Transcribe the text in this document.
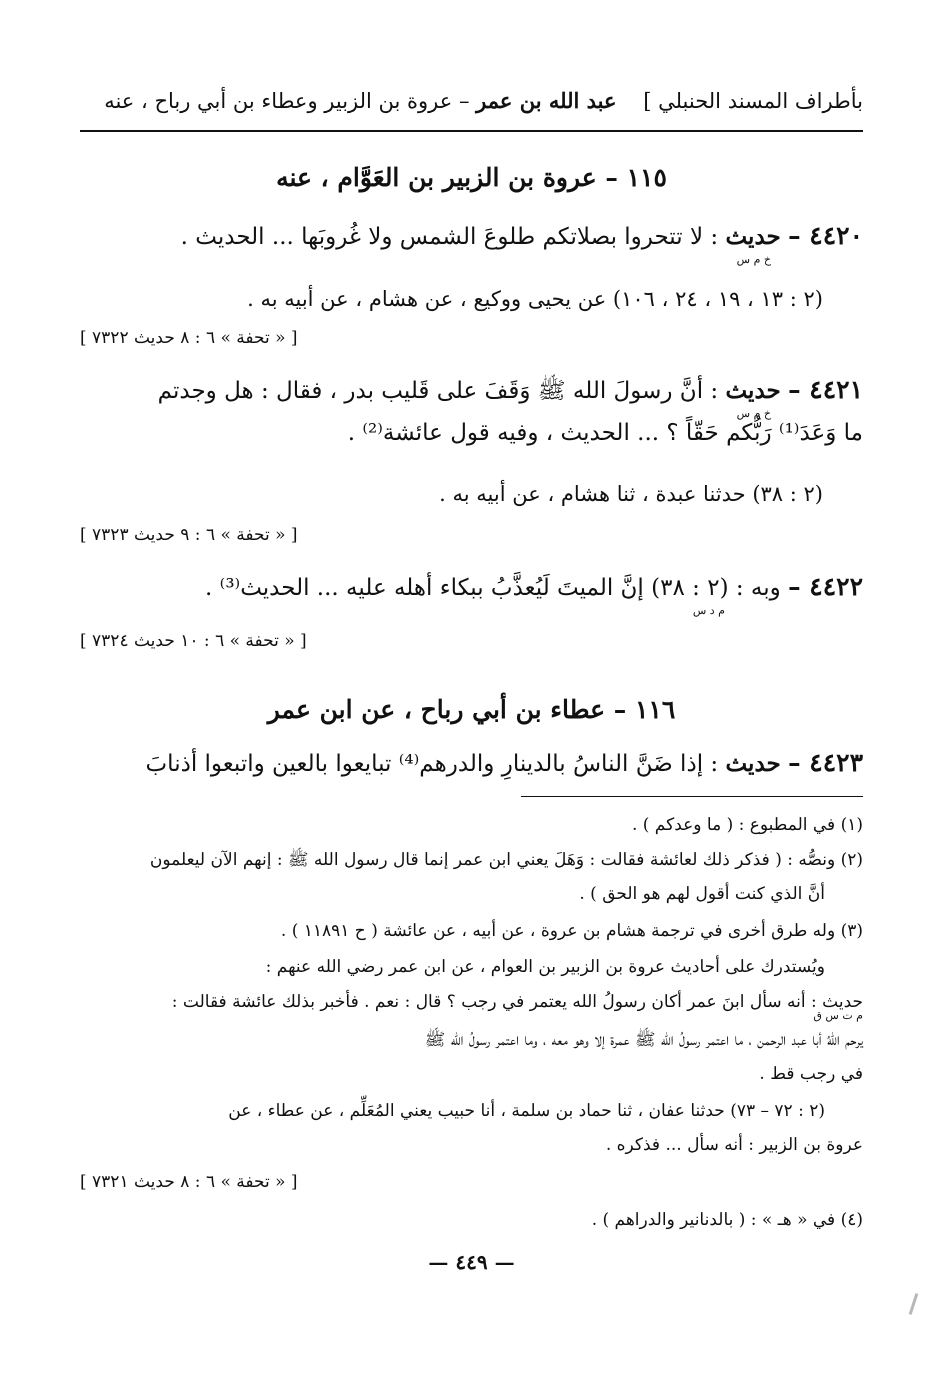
بأطراف المسند الحنبلي ]    عبد الله بن عمر – عروة بن الزبير وعطاء بن أبي رباح ، عنه
١١٥ – عروة بن الزبير بن العَوَّام ، عنه
٤٤٢٠ – حديث : لا تتحروا بصلاتكم طلوعَ الشمس ولا غُروبَها ... الحديث .
خ م س
(٢ : ١٣ ، ١٩ ، ٢٤ ، ١٠٦) عن يحيى ووكيع ، عن هشام ، عن أبيه به .
[ « تحفة » ٦ : ٨ حديث ٧٣٢٢ ]
٤٤٢١ – حديث : أنَّ رسولَ الله ﷺ وَقَفَ على قَليب بدر ، فقال : هل وجدتم
خ م س
ما وَعَدَ⁽¹⁾ رَبُّكم حَقّاً ؟ ... الحديث ، وفيه قول عائشة⁽²⁾ .
(٢ : ٣٨) حدثنا عبدة ، ثنا هشام ، عن أبيه به .
[ « تحفة » ٦ : ٩ حديث ٧٣٢٣ ]
٤٤٢٢ – وبه : (٢ : ٣٨) إنَّ الميتَ لَيُعذَّبُ ببكاء أهله عليه ... الحديث⁽³⁾ .
م د س
[ « تحفة » ٦ : ١٠ حديث ٧٣٢٤ ]
١١٦ – عطاء بن أبي رباح ، عن ابن عمر
٤٤٢٣ – حديث : إذا ضَنَّ الناسُ بالدينارِ والدرهم⁽⁴⁾ تبايعوا بالعين واتبعوا أذنابَ
(١) في المطبوع : ( ما وعدكم ) .
(٢) ونصُّه : ( فذكر ذلك لعائشة فقالت : وَهَلَ يعني ابن عمر إنما قال رسول الله ﷺ : إنهم الآن ليعلمون
أنَّ الذي كنت أقول لهم هو الحق ) .
(٣) وله طرق أخرى في ترجمة هشام بن عروة ، عن أبيه ، عن عائشة ( ح ١١٨٩١ ) .
ويُستدرك على أحاديث عروة بن الزبير بن العوام ، عن ابن عمر رضي الله عنهم :
حديث : أنه سأل ابنَ عمر أكان رسولُ الله يعتمر في رجب ؟ قال : نعم . فأخبر بذلك عائشة فقالت :
م ت س ق
يرحم اللهُ أبا عبد الرحمن ، ما اعتمر رسولُ الله ﷺ عمرة إلا وهو معه ، وما اعتمر رسولُ الله ﷺ
في رجب قط .
(٢ : ٧٢ – ٧٣) حدثنا عفان ، ثنا حماد بن سلمة ، أنا حبيب يعني المُعَلِّم ، عن عطاء ، عن
عروة بن الزبير : أنه سأل ... فذكره .
[ « تحفة » ٦ : ٨ حديث ٧٣٢١ ]
(٤) في « هـ » : ( بالدنانير والدراهم ) .
— ٤٤٩ —
